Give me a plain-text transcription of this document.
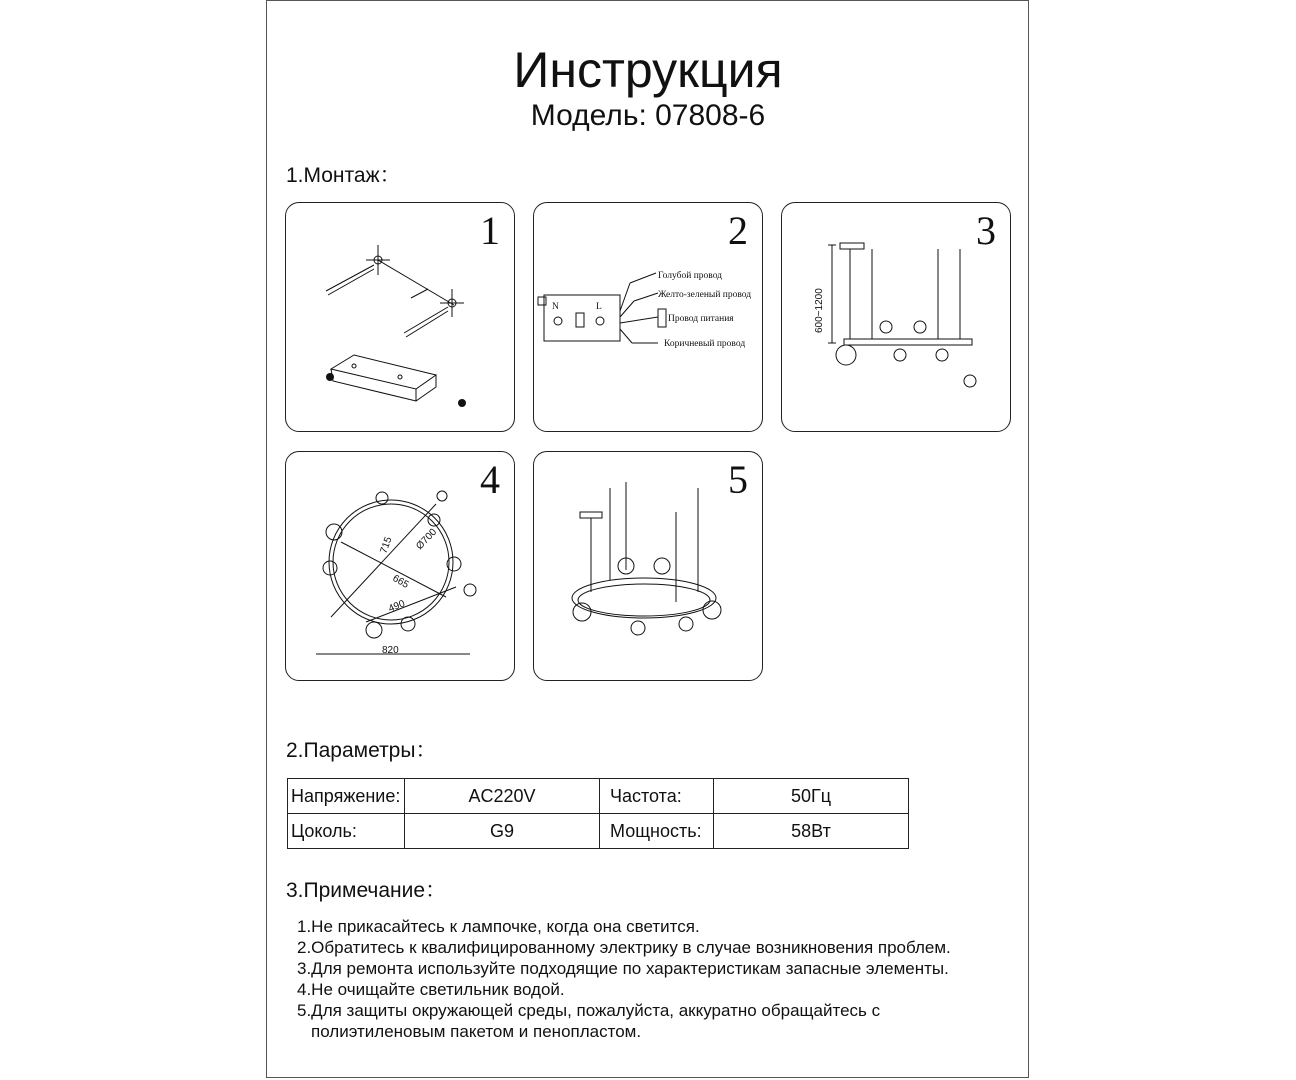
Инструкция
Модель: 07808-6
1.Монтаж：
1	2
N	L
Голубой провод
Желто-зеленый провод
Провод питания
Коричневый провод
3
600~1200
4
715 Ø700
665
490
820
5
2.Параметры：
Напряжение:	AC220V	Частота:	50Гц
Цоколь:	G9	Мощность:	58Вт
3.Примечание：
1.Не прикасайтесь к лампочке, когда она светится.
2.Обратитесь к квалифицированному электрику в случае возникновения проблем.
3.Для ремонта используйте подходящие по характеристикам запасные элементы.
4.Не очищайте светильник водой.
5.Для защиты окружающей среды, пожалуйста, аккуратно обращайтесь с
полиэтиленовым пакетом и пенопластом.
